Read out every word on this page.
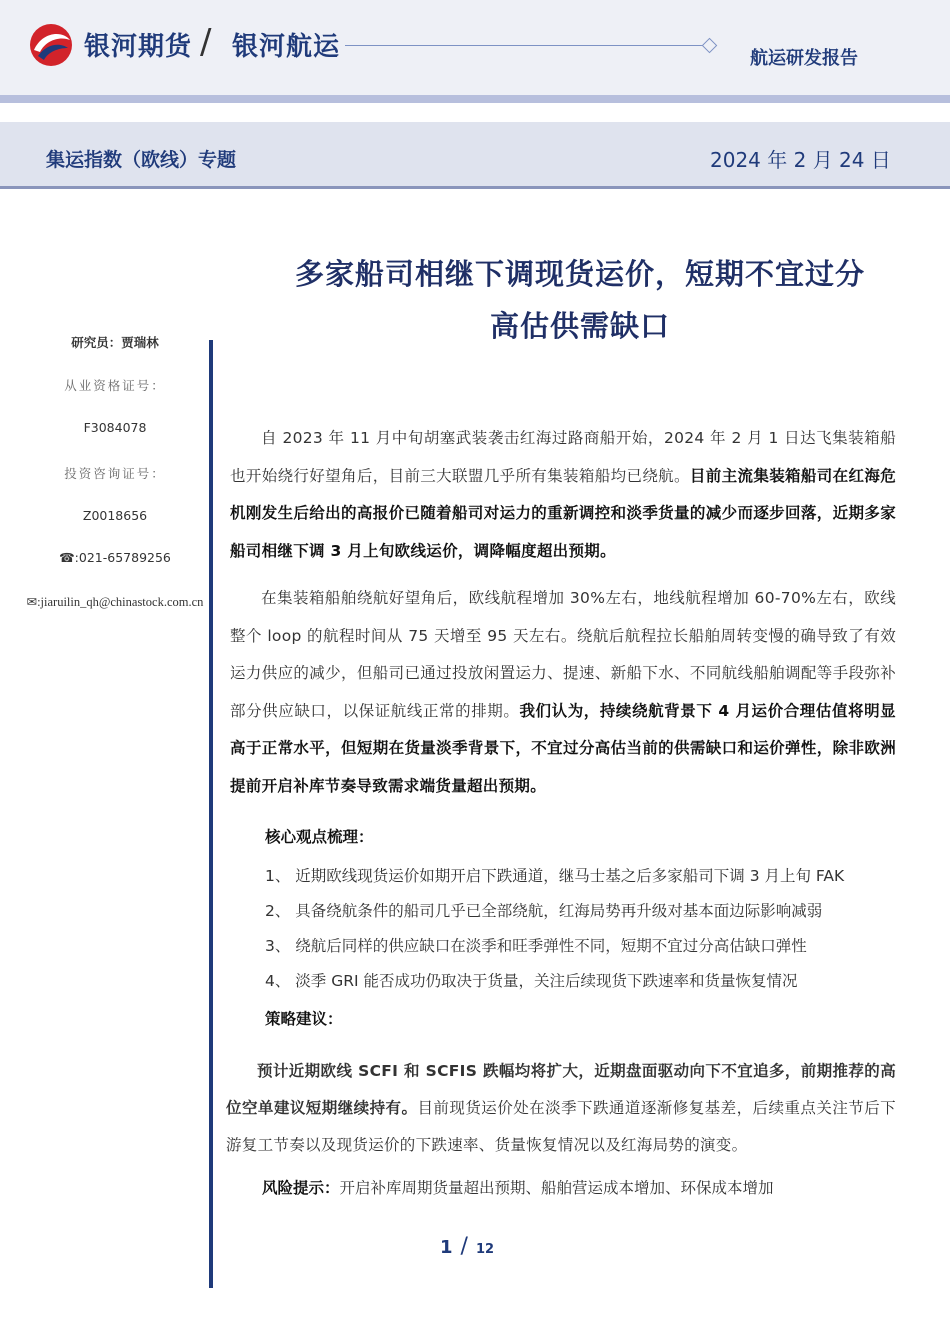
银河期货 / 银河航运	航运研发报告
集运指数（欧线）专题	2024 年 2 月 24 日
多家船司相继下调现货运价，短期不宜过分
高估供需缺口
研究员：贾瑞林
从业资格证号：
F3084078
投资咨询证号：
Z0018656
☎:021-65789256
✉:jiaruilin_qh@chinastock.com.cn

自 2023 年 11 月中旬胡塞武装袭击红海过路商船开始，2024 年 2 月 1 日达飞集装箱船也开始绕行好望角后，目前三大联盟几乎所有集装箱船均已绕航。目前主流集装箱船司在红海危机刚发生后给出的高报价已随着船司对运力的重新调控和淡季货量的减少而逐步回落，近期多家船司相继下调 3 月上旬欧线运价，调降幅度超出预期。

在集装箱船舶绕航好望角后，欧线航程增加 30%左右，地线航程增加 60-70%左右，欧线整个 loop 的航程时间从 75 天增至 95 天左右。绕航后航程拉长船舶周转变慢的确导致了有效运力供应的减少，但船司已通过投放闲置运力、提速、新船下水、不同航线船舶调配等手段弥补部分供应缺口，以保证航线正常的排期。我们认为，持续绕航背景下 4 月运价合理估值将明显高于正常水平，但短期在货量淡季背景下，不宜过分高估当前的供需缺口和运价弹性，除非欧洲提前开启补库节奏导致需求端货量超出预期。

核心观点梳理：
1、 近期欧线现货运价如期开启下跌通道，继马士基之后多家船司下调 3 月上旬 FAK
2、 具备绕航条件的船司几乎已全部绕航，红海局势再升级对基本面边际影响减弱
3、 绕航后同样的供应缺口在淡季和旺季弹性不同，短期不宜过分高估缺口弹性
4、 淡季 GRI 能否成功仍取决于货量，关注后续现货下跌速率和货量恢复情况
策略建议：

预计近期欧线 SCFI 和 SCFIS 跌幅均将扩大，近期盘面驱动向下不宜追多，前期推荐的高位空单建议短期继续持有。目前现货运价处在淡季下跌通道逐渐修复基差，后续重点关注节后下游复工节奏以及现货运价的下跌速率、货量恢复情况以及红海局势的演变。

风险提示：开启补库周期货量超出预期、船舶营运成本增加、环保成本增加

1 / 12
